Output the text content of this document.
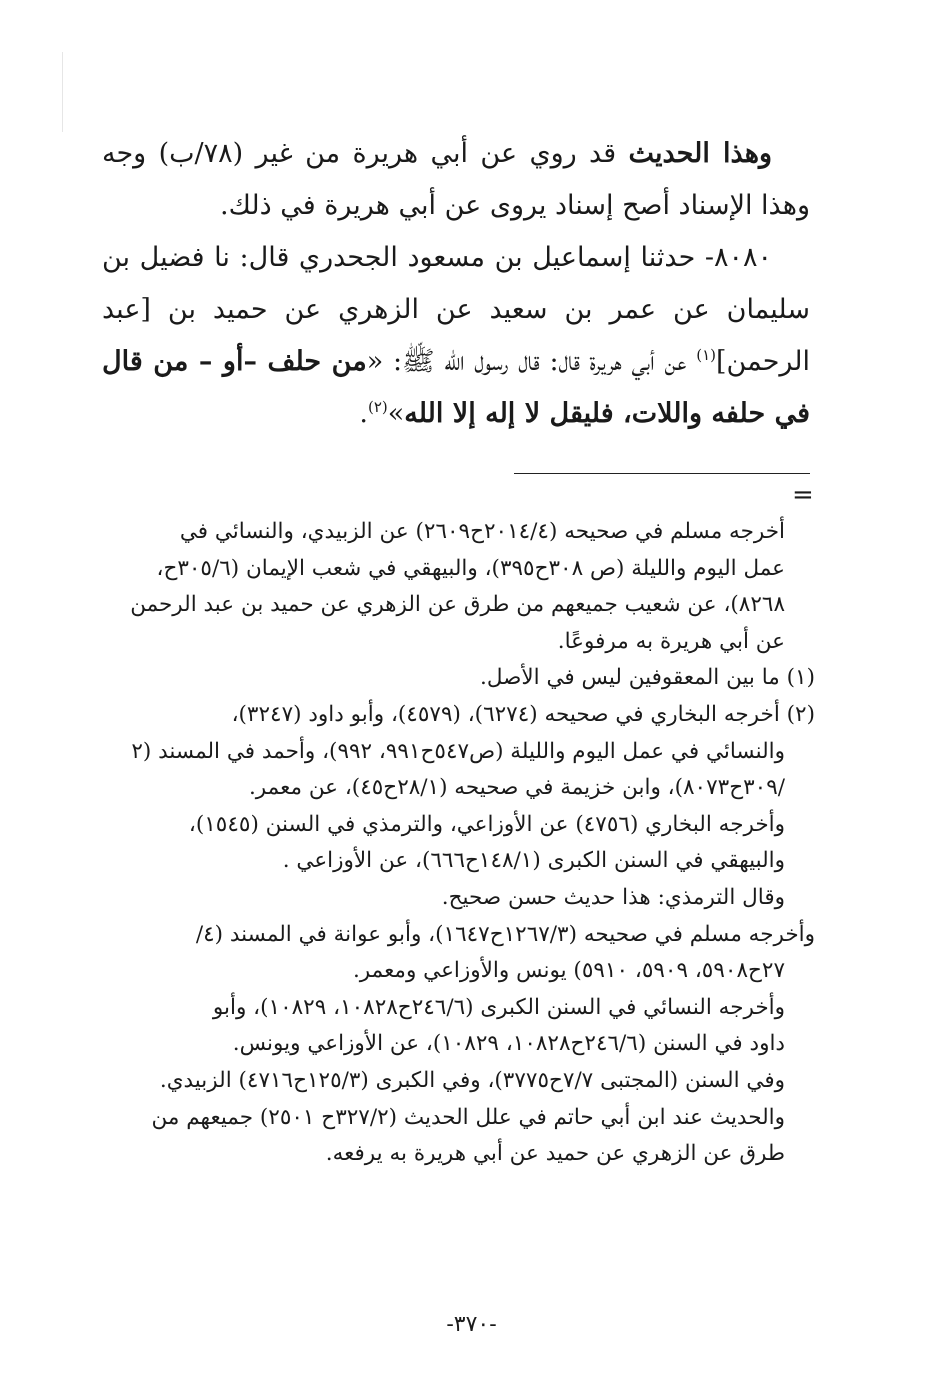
وهذا الحديث قد روي عن أبي هريرة من غير (٧٨/ب) وجه وهذا الإسناد أصح إسناد يروى عن أبي هريرة في ذلك.

٨٠٨٠- حدثنا إسماعيل بن مسعود الجحدري قال: نا فضيل بن سليمان عن عمر بن سعيد عن الزهري عن حميد بن [عبد الرحمن]$^{(١)}$ عن أبي هريرة قال: قال رسول الله ﷺ: «من حلف –أو – من قال في حلفه واللات، فليقل لا إله إلا الله»$^{(٢)}$.

=
أخرجه مسلم في صحيحه (٢٠١٤/٤ح٢٦٠٩) عن الزبيدي، والنسائي في
عمل اليوم والليلة (ص ٣٠٨ح٣٩٥)، والبيهقي في شعب الإيمان (٣٠٥/٦ح،
٨٢٦٨)، عن شعيب جميعهم من طرق عن الزهري عن حميد بن عبد الرحمن
عن أبي هريرة به مرفوعًا.
(١) ما بين المعقوفين ليس في الأصل.
(٢) أخرجه البخاري في صحيحه (٦٢٧٤)، (٤٥٧٩)، وأبو داود (٣٢٤٧)،
والنسائي في عمل اليوم والليلة (ص٥٤٧ح٩٩١، ٩٩٢)، وأحمد في المسند (٢
/٣٠٩ح٨٠٧٣)، وابن خزيمة في صحيحه (٢٨/١ح٤٥)، عن معمر.
وأخرجه البخاري (٤٧٥٦) عن الأوزاعي، والترمذي في السنن (١٥٤٥)،
والبيهقي في السنن الكبرى (١٤٨/١ح٦٦٦)، عن الأوزاعي .
وقال الترمذي: هذا حديث حسن صحيح.
وأخرجه مسلم في صحيحه (١٢٦٧/٣ح١٦٤٧)، وأبو عوانة في المسند (٤/
٢٧ح٥٩٠٨، ٥٩٠٩، ٥٩١٠) يونس والأوزاعي ومعمر.
وأخرجه النسائي في السنن الكبرى (٢٤٦/٦ح١٠٨٢٨، ١٠٨٢٩)، وأبو
داود في السنن (٢٤٦/٦ح١٠٨٢٨، ١٠٨٢٩)، عن الأوزاعي ويونس.
وفي السنن (المجتبى ٧/٧ح٣٧٧٥)، وفي الكبرى (١٢٥/٣ح٤٧١٦) الزبيدي.
والحديث عند ابن أبي حاتم في علل الحديث (٣٢٧/٢ح ٢٥٠١) جميعهم من
طرق عن الزهري عن حميد عن أبي هريرة به يرفعه.
-٣٧٠-
